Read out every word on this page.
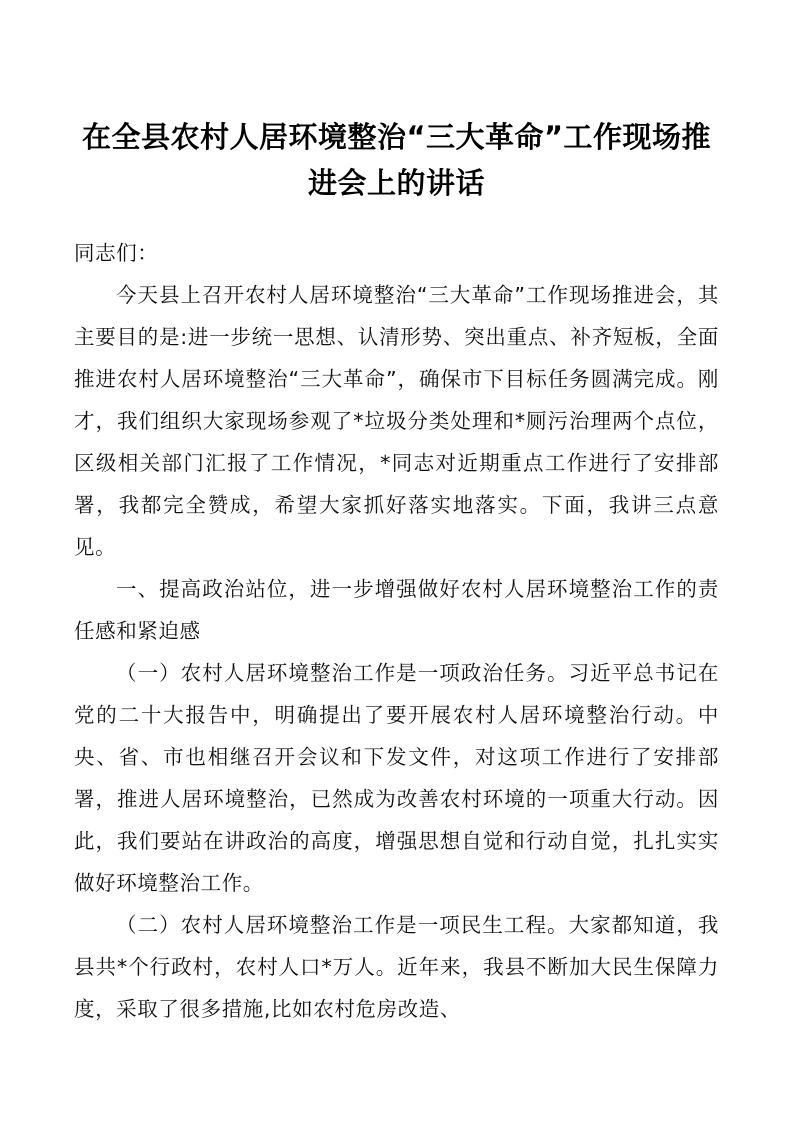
在全县农村人居环境整治“三大革命”工作现场推进会上的讲话

同志们：

今天县上召开农村人居环境整治“三大革命”工作现场推进会，其主要目的是:进一步统一思想、认清形势、突出重点、补齐短板，全面推进农村人居环境整治“三大革命”，确保市下目标任务圆满完成。刚才，我们组织大家现场参观了*垃圾分类处理和*厕污治理两个点位，区级相关部门汇报了工作情况，*同志对近期重点工作进行了安排部署，我都完全赞成，希望大家抓好落实地落实。下面，我讲三点意见。

一、提高政治站位，进一步增强做好农村人居环境整治工作的责任感和紧迫感

（一）农村人居环境整治工作是一项政治任务。习近平总书记在党的二十大报告中，明确提出了要开展农村人居环境整治行动。中央、省、市也相继召开会议和下发文件，对这项工作进行了安排部署，推进人居环境整治，已然成为改善农村环境的一项重大行动。因此，我们要站在讲政治的高度，增强思想自觉和行动自觉，扎扎实实做好环境整治工作。

（二）农村人居环境整治工作是一项民生工程。大家都知道，我县共*个行政村，农村人口*万人。近年来，我县不断加大民生保障力度，采取了很多措施,比如农村危房改造、
